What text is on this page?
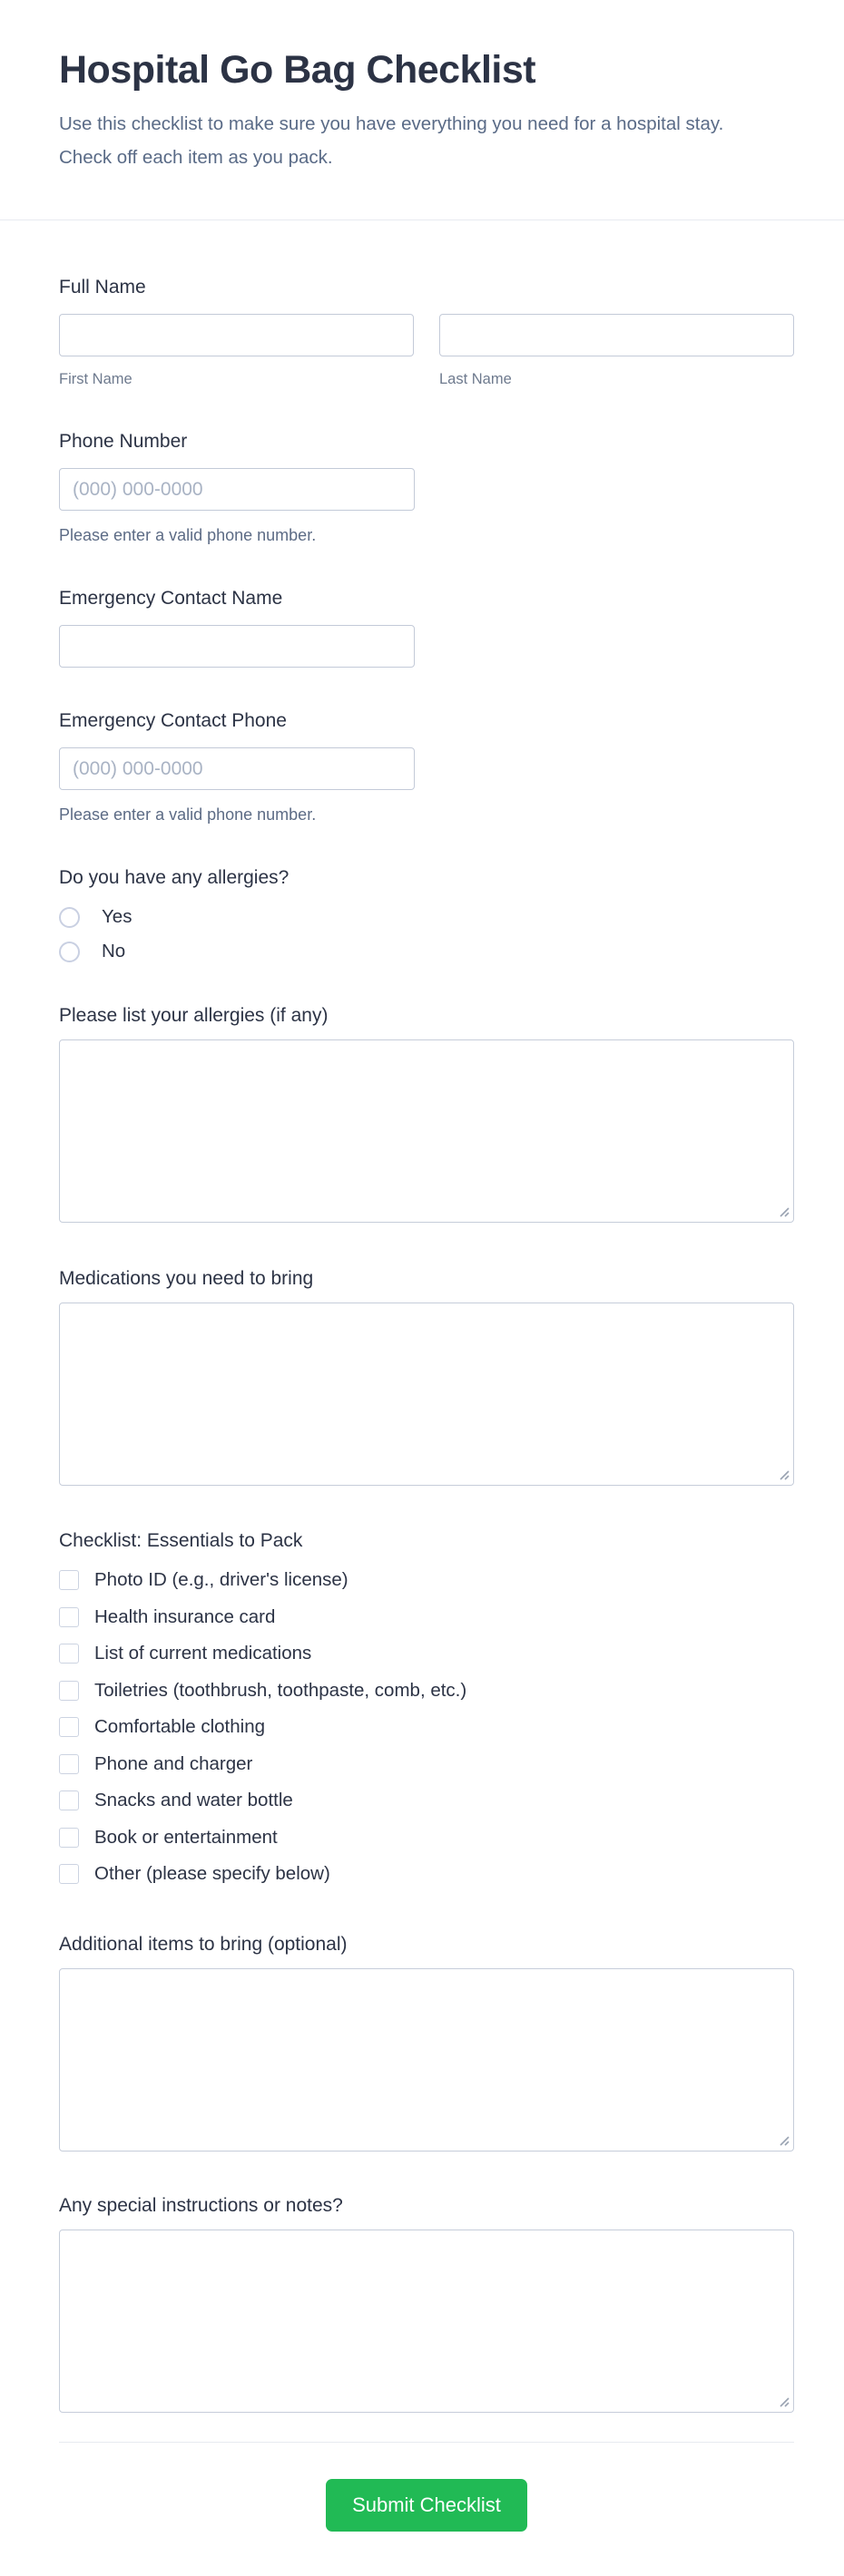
Hospital Go Bag Checklist

Use this checklist to make sure you have everything you need for a hospital stay. Check off each item as you pack.

Full Name
First Name	Last Name
Phone Number
(000) 000-0000
Please enter a valid phone number.
Emergency Contact Name
Emergency Contact Phone
(000) 000-0000
Please enter a valid phone number.
Do you have any allergies?
Yes
No
Please list your allergies (if any)
Medications you need to bring
Checklist: Essentials to Pack
Photo ID (e.g., driver's license)
Health insurance card
List of current medications
Toiletries (toothbrush, toothpaste, comb, etc.)
Comfortable clothing
Phone and charger
Snacks and water bottle
Book or entertainment
Other (please specify below)
Additional items to bring (optional)
Any special instructions or notes?
Submit Checklist
